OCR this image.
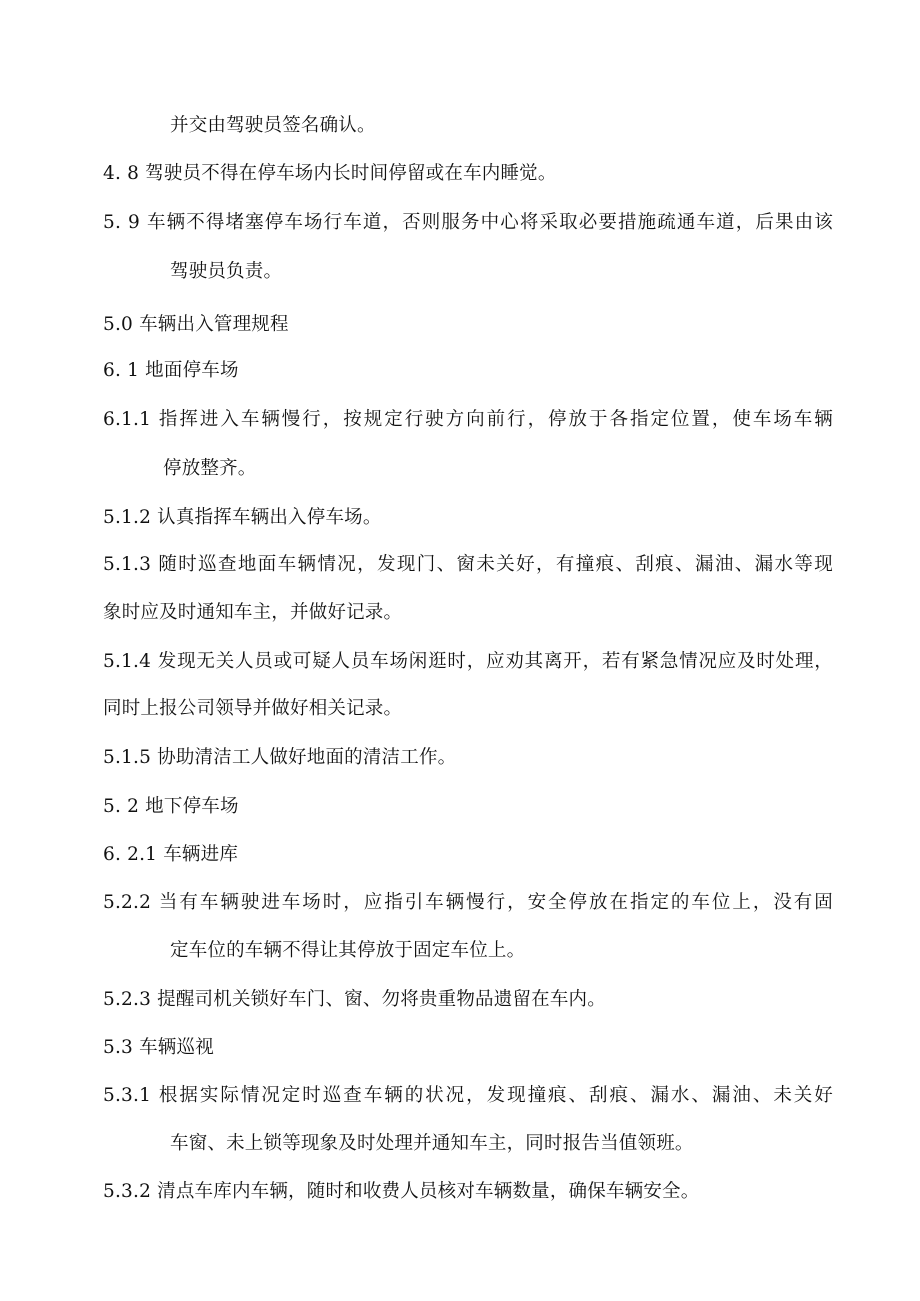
并交由驾驶员签名确认。
4. 8 驾驶员不得在停车场内长时间停留或在车内睡觉。
5. 9 车辆不得堵塞停车场行车道，否则服务中心将采取必要措施疏通车道，后果由该
驾驶员负责。
5.0 车辆出入管理规程
6. 1 地面停车场
6.1.1 指挥进入车辆慢行，按规定行驶方向前行，停放于各指定位置，使车场车辆
停放整齐。
5.1.2 认真指挥车辆出入停车场。
5.1.3 随时巡查地面车辆情况，发现门、窗未关好，有撞痕、刮痕、漏油、漏水等现
象时应及时通知车主，并做好记录。
5.1.4 发现无关人员或可疑人员车场闲逛时，应劝其离开，若有紧急情况应及时处理，
同时上报公司领导并做好相关记录。
5.1.5 协助清洁工人做好地面的清洁工作。
5. 2 地下停车场
6. 2.1 车辆进库
5.2.2 当有车辆驶进车场时，应指引车辆慢行，安全停放在指定的车位上，没有固
定车位的车辆不得让其停放于固定车位上。
5.2.3 提醒司机关锁好车门、窗、勿将贵重物品遗留在车内。
5.3 车辆巡视
5.3.1 根据实际情况定时巡查车辆的状况，发现撞痕、刮痕、漏水、漏油、未关好
车窗、未上锁等现象及时处理并通知车主，同时报告当值领班。
5.3.2 清点车库内车辆，随时和收费人员核对车辆数量，确保车辆安全。
